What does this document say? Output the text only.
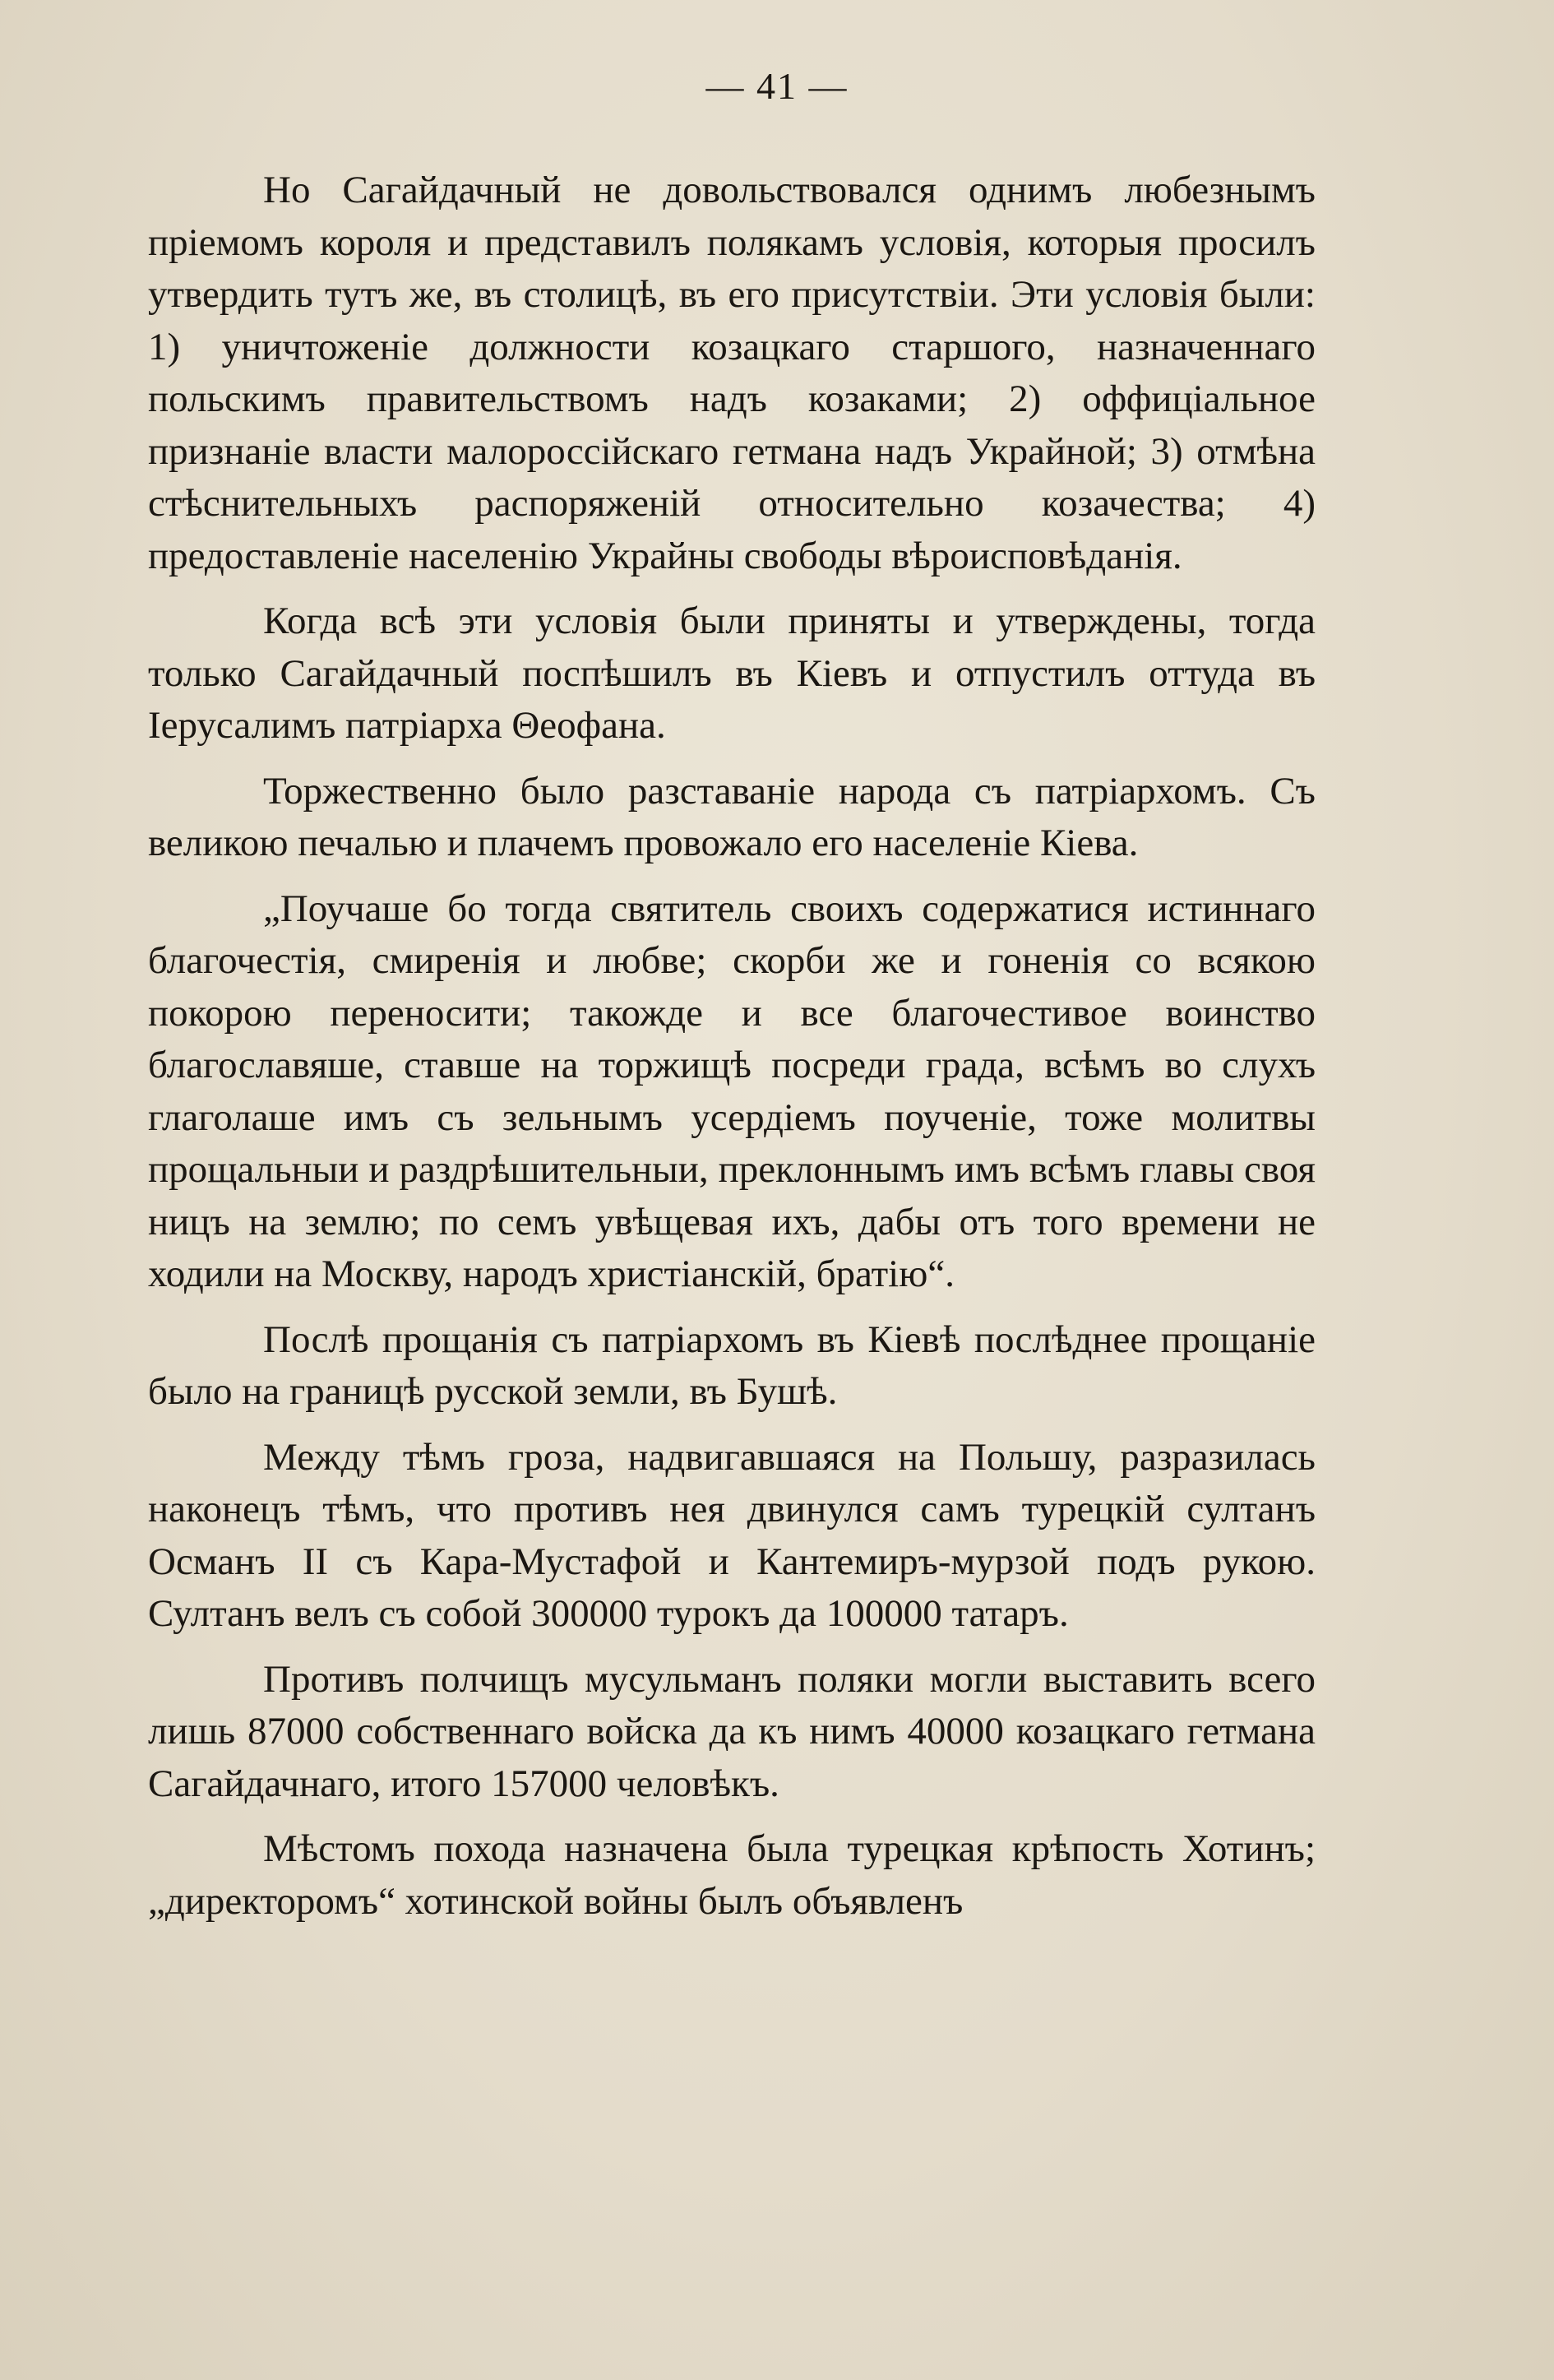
— 41 —

Но Сагайдачный не довольствовался однимъ любезнымъ пріемомъ короля и представилъ полякамъ условія, которыя просилъ утвердить тутъ же, въ столицѣ, въ его присутствіи. Эти условія были: 1) уничтоженіе должности козацкаго старшого, назначеннаго польскимъ правительствомъ надъ козаками; 2) оффиціальное признаніе власти малороссійскаго гетмана надъ Украйной; 3) отмѣна стѣснительныхъ распоряженій относительно козачества; 4) предоставленіе населенію Украйны свободы вѣроисповѣданія.

Когда всѣ эти условія были приняты и утверждены, тогда только Сагайдачный поспѣшилъ въ Кіевъ и отпустилъ оттуда въ Іерусалимъ патріарха Θеофана.

Торжественно было разставаніе народа съ патріархомъ. Съ великою печалью и плачемъ провожало его населеніе Кіева.

„Поучаше бо тогда святитель своихъ содержатися истиннаго благочестія, смиренія и любве; скорби же и гоненія со всякою покорою переносити; такожде и все благочестивое воинство благославяше, ставше на торжищѣ посреди града, всѣмъ во слухъ глаголаше имъ съ зельнымъ усердіемъ поученіе, тоже молитвы прощальныи и раздрѣшительныи, преклоннымъ имъ всѣмъ главы своя ницъ на землю; по семъ увѣщевая ихъ, дабы отъ того времени не ходили на Москву, народъ христіанскій, братію“.

Послѣ прощанія съ патріархомъ въ Кіевѣ послѣднее прощаніе было на границѣ русской земли, въ Бушѣ.

Между тѣмъ гроза, надвигавшаяся на Польшу, разразилась наконецъ тѣмъ, что противъ нея двинулся самъ турецкій султанъ Османъ II съ Кара-Мустафой и Кантемиръ-мурзой подъ рукою. Султанъ велъ съ собой 300000 турокъ да 100000 татаръ.

Противъ полчищъ мусульманъ поляки могли выставить всего лишь 87000 собственнаго войска да къ нимъ 40000 козацкаго гетмана Сагайдачнаго, итого 157000 человѣкъ.

Мѣстомъ похода назначена была турецкая крѣпость Хотинъ; „директоромъ“ хотинской войны былъ объявленъ
